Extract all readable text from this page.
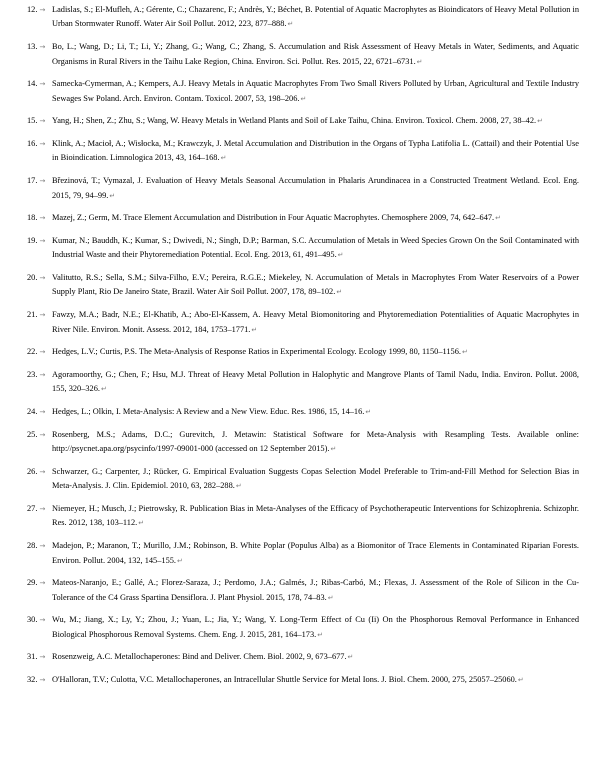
12. → Ladislas, S.; El-Mufleh, A.; Gérente, C.; Chazarenc, F.; Andrès, Y.; Béchet, B. Potential of Aquatic Macrophytes as Bioindicators of Heavy Metal Pollution in Urban Stormwater Runoff. Water Air Soil Pollut. 2012, 223, 877–888.↵
13. → Bo, L.; Wang, D.; Li, T.; Li, Y.; Zhang, G.; Wang, C.; Zhang, S. Accumulation and Risk Assessment of Heavy Metals in Water, Sediments, and Aquatic Organisms in Rural Rivers in the Taihu Lake Region, China. Environ. Sci. Pollut. Res. 2015, 22, 6721–6731.↵
14. → Samecka-Cymerman, A.; Kempers, A.J. Heavy Metals in Aquatic Macrophytes From Two Small Rivers Polluted by Urban, Agricultural and Textile Industry Sewages Sw Poland. Arch. Environ. Contam. Toxicol. 2007, 53, 198–206.↵
15. → Yang, H.; Shen, Z.; Zhu, S.; Wang, W. Heavy Metals in Wetland Plants and Soil of Lake Taihu, China. Environ. Toxicol. Chem. 2008, 27, 38–42.↵
16. → Klink, A.; Macioł, A.; Wisłocka, M.; Krawczyk, J. Metal Accumulation and Distribution in the Organs of Typha Latifolia L. (Cattail) and their Potential Use in Bioindication. Limnologica 2013, 43, 164–168.↵
17. → Březinová, T.; Vymazal, J. Evaluation of Heavy Metals Seasonal Accumulation in Phalaris Arundinacea in a Constructed Treatment Wetland. Ecol. Eng. 2015, 79, 94–99.↵
18. → Mazej, Z.; Germ, M. Trace Element Accumulation and Distribution in Four Aquatic Macrophytes. Chemosphere 2009, 74, 642–647.↵
19. → Kumar, N.; Bauddh, K.; Kumar, S.; Dwivedi, N.; Singh, D.P.; Barman, S.C. Accumulation of Metals in Weed Species Grown On the Soil Contaminated with Industrial Waste and their Phytoremediation Potential. Ecol. Eng. 2013, 61, 491–495.↵
20. → Valitutto, R.S.; Sella, S.M.; Silva-Filho, E.V.; Pereira, R.G.E.; Miekeley, N. Accumulation of Metals in Macrophytes From Water Reservoirs of a Power Supply Plant, Rio De Janeiro State, Brazil. Water Air Soil Pollut. 2007, 178, 89–102.↵
21. → Fawzy, M.A.; Badr, N.E.; El-Khatib, A.; Abo-El-Kassem, A. Heavy Metal Biomonitoring and Phytoremediation Potentialities of Aquatic Macrophytes in River Nile. Environ. Monit. Assess. 2012, 184, 1753–1771.↵
22. → Hedges, L.V.; Curtis, P.S. The Meta-Analysis of Response Ratios in Experimental Ecology. Ecology 1999, 80, 1150–1156.↵
23. → Agoramoorthy, G.; Chen, F.; Hsu, M.J. Threat of Heavy Metal Pollution in Halophytic and Mangrove Plants of Tamil Nadu, India. Environ. Pollut. 2008, 155, 320–326.↵
24. → Hedges, L.; Olkin, I. Meta-Analysis: A Review and a New View. Educ. Res. 1986, 15, 14–16.↵
25. → Rosenberg, M.S.; Adams, D.C.; Gurevitch, J. Metawin: Statistical Software for Meta-Analysis with Resampling Tests. Available online: http://psycnet.apa.org/psycinfo/1997-09001-000 (accessed on 12 September 2015).↵
26. → Schwarzer, G.; Carpenter, J.; Rücker, G. Empirical Evaluation Suggests Copas Selection Model Preferable to Trim-and-Fill Method for Selection Bias in Meta-Analysis. J. Clin. Epidemiol. 2010, 63, 282–288.↵
27. → Niemeyer, H.; Musch, J.; Pietrowsky, R. Publication Bias in Meta-Analyses of the Efficacy of Psychotherapeutic Interventions for Schizophrenia. Schizophr. Res. 2012, 138, 103–112.↵
28. → Madejon, P.; Maranon, T.; Murillo, J.M.; Robinson, B. White Poplar (Populus Alba) as a Biomonitor of Trace Elements in Contaminated Riparian Forests. Environ. Pollut. 2004, 132, 145–155.↵
29. → Mateos-Naranjo, E.; Gallé, A.; Florez-Saraza, J.; Perdomo, J.A.; Galmés, J.; Ribas-Carbó, M.; Flexas, J. Assessment of the Role of Silicon in the Cu-Tolerance of the C4 Grass Spartina Densiflora. J. Plant Physiol. 2015, 178, 74–83.↵
30. → Wu, M.; Jiang, X.; Ly, Y.; Zhou, J.; Yuan, L.; Jia, Y.; Wang, Y. Long-Term Effect of Cu (Ii) On the Phosphorous Removal Performance in Enhanced Biological Phosphorous Removal Systems. Chem. Eng. J. 2015, 281, 164–173.↵
31. → Rosenzweig, A.C. Metallochaperones: Bind and Deliver. Chem. Biol. 2002, 9, 673–677.↵
32. → O'Halloran, T.V.; Culotta, V.C. Metallochaperones, an Intracellular Shuttle Service for Metal Ions. J. Biol. Chem. 2000, 275, 25057–25060.↵
